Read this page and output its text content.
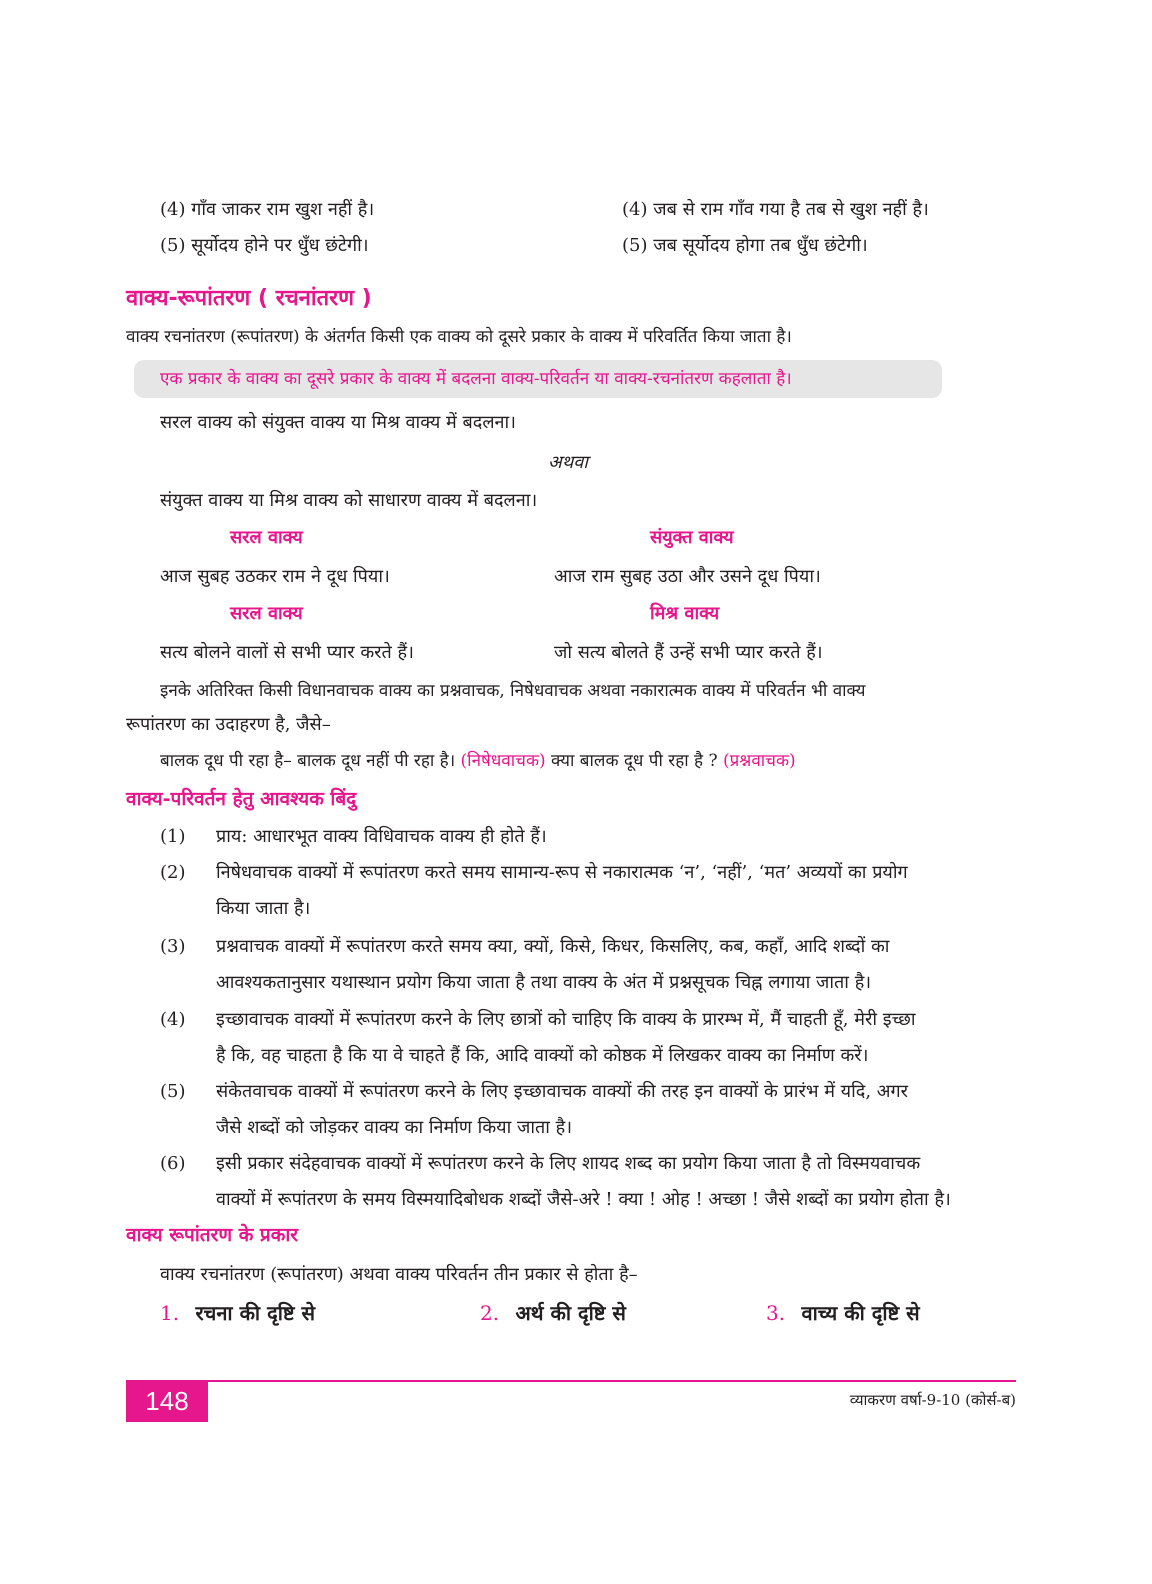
(4) गाँव जाकर राम खुश नहीं है।	(4) जब से राम गाँव गया है तब से खुश नहीं है।
(5) सूर्योदय होने पर धुँध छंटेगी।	(5) जब सूर्योदय होगा तब धुँध छंटेगी।
वाक्य-रूपांतरण ( रचनांतरण )
वाक्य रचनांतरण (रूपांतरण) के अंतर्गत किसी एक वाक्य को दूसरे प्रकार के वाक्य में परिवर्तित किया जाता है।
एक प्रकार के वाक्य का दूसरे प्रकार के वाक्य में बदलना वाक्य-परिवर्तन या वाक्य-रचनांतरण कहलाता है।
सरल वाक्य को संयुक्त वाक्य या मिश्र वाक्य में बदलना।
अथवा
संयुक्त वाक्य या मिश्र वाक्य को साधारण वाक्य में बदलना।
सरल वाक्य	संयुक्त वाक्य
आज सुबह उठकर राम ने दूध पिया।	आज राम सुबह उठा और उसने दूध पिया।
सरल वाक्य	मिश्र वाक्य
सत्य बोलने वालों से सभी प्यार करते हैं।	जो सत्य बोलते हैं उन्हें सभी प्यार करते हैं।
इनके अतिरिक्त किसी विधानवाचक वाक्य का प्रश्नवाचक, निषेधवाचक अथवा नकारात्मक वाक्य में परिवर्तन भी वाक्य
रूपांतरण का उदाहरण है, जैसे–
बालक दूध पी रहा है– बालक दूध नहीं पी रहा है। (निषेधवाचक) क्या बालक दूध पी रहा है ? (प्रश्नवाचक)
वाक्य-परिवर्तन हेतु आवश्यक बिंदु
(1)	प्राय: आधारभूत वाक्य विधिवाचक वाक्य ही होते हैं।
(2)	निषेधवाचक वाक्यों में रूपांतरण करते समय सामान्य-रूप से नकारात्मक ‘न’, ‘नहीं’, ‘मत’ अव्ययों का प्रयोग
किया जाता है।
(3)	प्रश्नवाचक वाक्यों में रूपांतरण करते समय क्या, क्यों, किसे, किधर, किसलिए, कब, कहाँ, आदि शब्दों का
आवश्यकतानुसार यथास्थान प्रयोग किया जाता है तथा वाक्य के अंत में प्रश्नसूचक चिह्न लगाया जाता है।
(4)	इच्छावाचक वाक्यों में रूपांतरण करने के लिए छात्रों को चाहिए कि वाक्य के प्रारम्भ में, मैं चाहती हूँ, मेरी इच्छा
है कि, वह चाहता है कि या वे चाहते हैं कि, आदि वाक्यों को कोष्ठक में लिखकर वाक्य का निर्माण करें।
(5)	संकेतवाचक वाक्यों में रूपांतरण करने के लिए इच्छावाचक वाक्यों की तरह इन वाक्यों के प्रारंभ में यदि, अगर
जैसे शब्दों को जोड़कर वाक्य का निर्माण किया जाता है।
(6)	इसी प्रकार संदेहवाचक वाक्यों में रूपांतरण करने के लिए शायद शब्द का प्रयोग किया जाता है तो विस्मयवाचक
वाक्यों में रूपांतरण के समय विस्मयादिबोधक शब्दों जैसे-अरे ! क्या ! ओह ! अच्छा ! जैसे शब्दों का प्रयोग होता है।
वाक्य रूपांतरण के प्रकार
वाक्य रचनांतरण (रूपांतरण) अथवा वाक्य परिवर्तन तीन प्रकार से होता है–
1. रचना की दृष्टि से	2. अर्थ की दृष्टि से	3. वाच्य की दृष्टि से
148	व्याकरण वर्षा-9-10 (कोर्स-ब)
